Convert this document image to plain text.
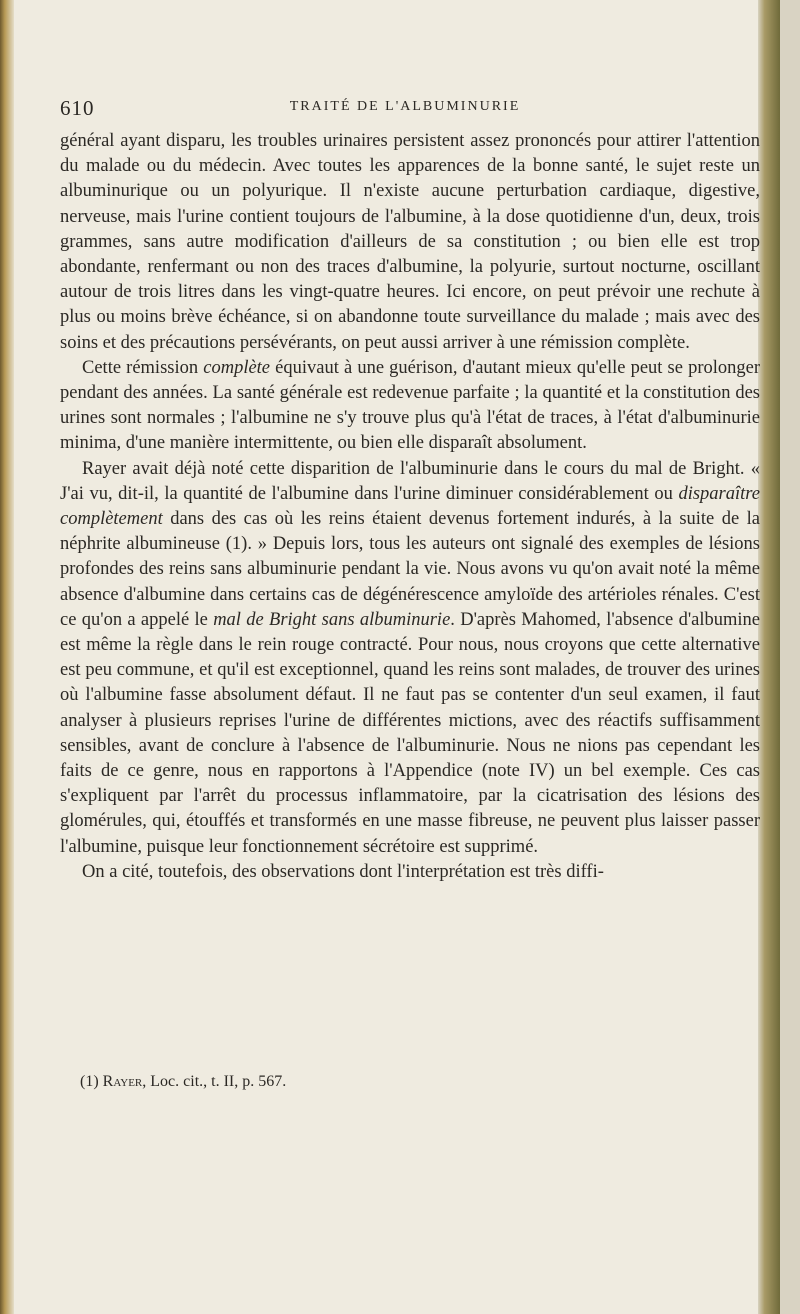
610	TRAITÉ DE L'ALBUMINURIE

général ayant disparu, les troubles urinaires persistent assez prononcés pour attirer l'attention du malade ou du médecin. Avec toutes les apparences de la bonne santé, le sujet reste un albuminurique ou un polyurique. Il n'existe aucune perturbation cardiaque, digestive, nerveuse, mais l'urine contient toujours de l'albumine, à la dose quotidienne d'un, deux, trois grammes, sans autre modification d'ailleurs de sa constitution ; ou bien elle est trop abondante, renfermant ou non des traces d'albumine, la polyurie, surtout nocturne, oscillant autour de trois litres dans les vingt-quatre heures. Ici encore, on peut prévoir une rechute à plus ou moins brève échéance, si on abandonne toute surveillance du malade ; mais avec des soins et des précautions persévérants, on peut aussi arriver à une rémission complète.

Cette rémission complète équivaut à une guérison, d'autant mieux qu'elle peut se prolonger pendant des années. La santé générale est redevenue parfaite ; la quantité et la constitution des urines sont normales ; l'albumine ne s'y trouve plus qu'à l'état de traces, à l'état d'albuminurie minima, d'une manière intermittente, ou bien elle disparaît absolument.

Rayer avait déjà noté cette disparition de l'albuminurie dans le cours du mal de Bright. « J'ai vu, dit-il, la quantité de l'albumine dans l'urine diminuer considérablement ou disparaître complètement dans des cas où les reins étaient devenus fortement indurés, à la suite de la néphrite albumineuse (1). » Depuis lors, tous les auteurs ont signalé des exemples de lésions profondes des reins sans albuminurie pendant la vie. Nous avons vu qu'on avait noté la même absence d'albumine dans certains cas de dégénérescence amyloïde des artérioles rénales. C'est ce qu'on a appelé le mal de Bright sans albuminurie. D'après Mahomed, l'absence d'albumine est même la règle dans le rein rouge contracté. Pour nous, nous croyons que cette alternative est peu commune, et qu'il est exceptionnel, quand les reins sont malades, de trouver des urines où l'albumine fasse absolument défaut. Il ne faut pas se contenter d'un seul examen, il faut analyser à plusieurs reprises l'urine de différentes mictions, avec des réactifs suffisamment sensibles, avant de conclure à l'absence de l'albuminurie. Nous ne nions pas cependant les faits de ce genre, nous en rapportons à l'Appendice (note IV) un bel exemple. Ces cas s'expliquent par l'arrêt du processus inflammatoire, par la cicatrisation des lésions des glomérules, qui, étouffés et transformés en une masse fibreuse, ne peuvent plus laisser passer l'albumine, puisque leur fonctionnement sécrétoire est supprimé.

On a cité, toutefois, des observations dont l'interprétation est très diffi-

(1) Rayer, Loc. cit., t. II, p. 567.
